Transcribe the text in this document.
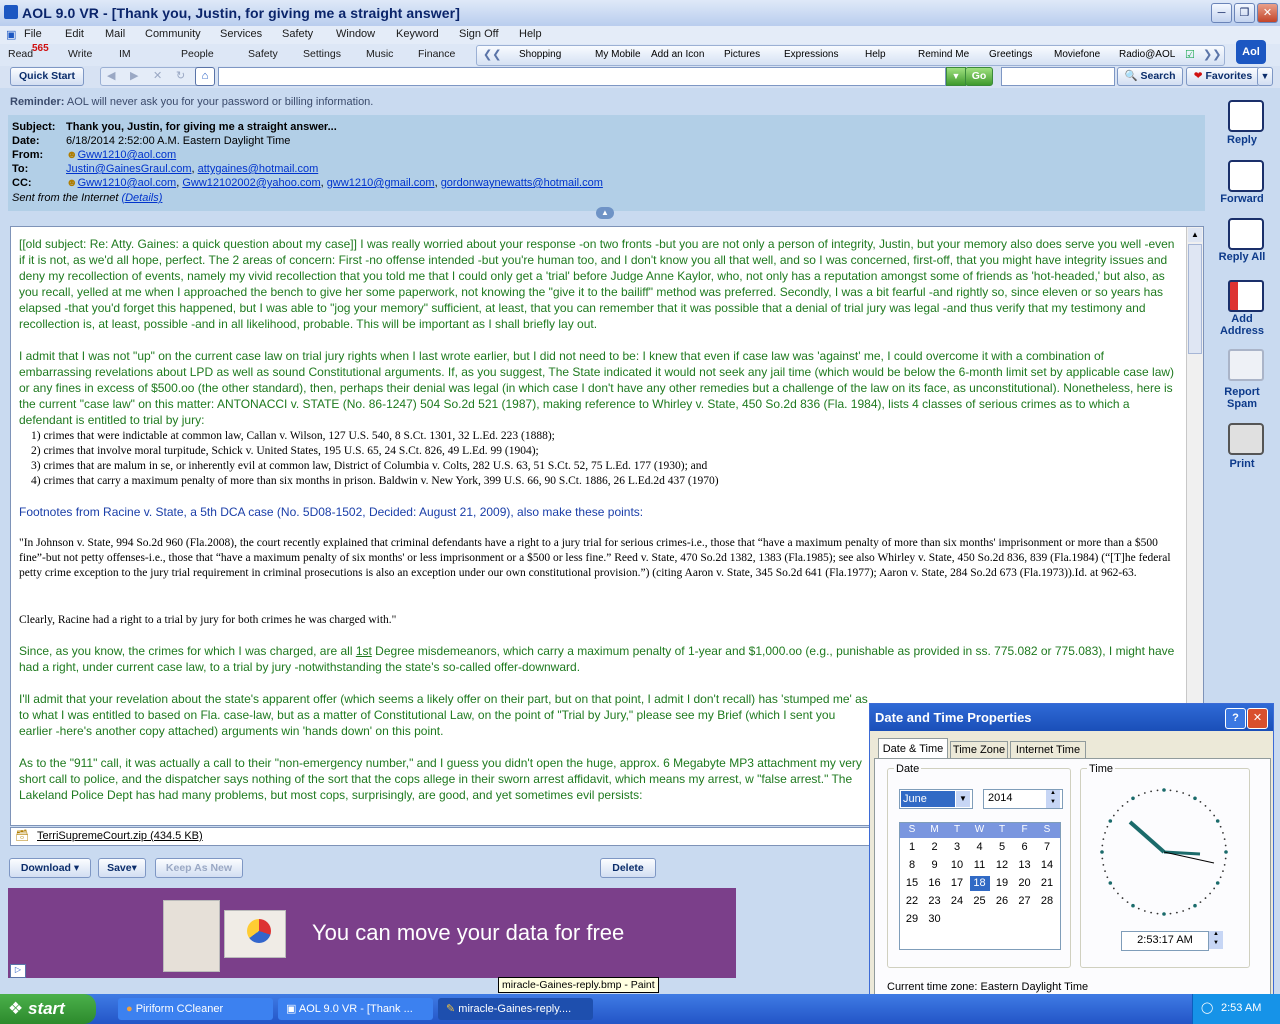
AOL 9.0 VR - [Thank you, Justin, for giving me a straight answer]	─	❐	✕
▣ File Edit Mail Community Services Safety Window Keyword Sign Off Help
Read
565 Write	IM	People	Safety Settings Music Finance	❮❮ Shopping	My Mobile Add an Icon Pictures Expressions	Help	Remind Me Greetings Moviefone Radio@AOL ☑ ❯❯	Aol
Quick Start	◀ ▶ ✕ ↻	⌂	▼	Go	🔍 Search	❤ Favorites ▼
Reminder: AOL will never ask you for your password or billing information.
Subject: Thank you, Justin, for giving me a straight answer...
Date: 6/18/2014 2:52:00 A.M. Eastern Daylight Time
From: ☻Gww1210@aol.com
To:	Justin@GainesGraul.com, attygaines@hotmail.com
CC:	☻Gww1210@aol.com, Gww12102002@yahoo.com, gww1210@gmail.com, gordonwaynewatts@hotmail.com
Sent from the Internet (Details)
▲
[[old subject: Re: Atty. Gaines: a quick question about my case]] I was really worried about your response -on two fronts -but you are not only a person of integrity, Justin, but your memory also does serve you well -even if it is not, as we'd all hope, perfect. The 2 areas of concern: First -no offense intended -but you're human too, and I don't know you all that well, and so I was concerned, first-off, that you might have integrity issues and deny my recollection of events, namely my vivid recollection that you told me that I could only get a 'trial' before Judge Anne Kaylor, who, not only has a reputation amongst some of friends as 'hot-headed,' but also, as you recall, yelled at me when I approached the bench to give her some paperwork, not knowing the "give it to the bailiff" method was preferred. Secondly, I was a bit fearful -and rightly so, since eleven or so years has elapsed -that you'd forget this happened, but I was able to "jog your memory" sufficient, at least, that you can remember that it was possible that a denial of trial jury was legal -and thus verify that my testimony and recollection is, at least, possible -and in all likelihood, probable. This will be important as I shall briefly lay out.
I admit that I was not "up" on the current case law on trial jury rights when I last wrote earlier, but I did not need to be: I knew that even if case law was 'against' me, I could overcome it with a combination of embarrassing revelations about LPD as well as sound Constitutional arguments. If, as you suggest, The State indicated it would not seek any jail time (which would be below the 6-month limit set by applicable case law) or any fines in excess of $500.oo (the other standard), then, perhaps their denial was legal (in which case I don't have any other remedies but a challenge of the law on its face, as unconstitutional). Nonetheless, here is the current "case law" on this matter: ANTONACCI v. STATE (No. 86-1247) 504 So.2d 521 (1987), making reference to Whirley v. State, 450 So.2d 836 (Fla. 1984), lists 4 classes of serious crimes as to which a defendant is entitled to trial by jury:
1) crimes that were indictable at common law, Callan v. Wilson, 127 U.S. 540, 8 S.Ct. 1301, 32 L.Ed. 223 (1888);
2) crimes that involve moral turpitude, Schick v. United States, 195 U.S. 65, 24 S.Ct. 826, 49 L.Ed. 99 (1904);
3) crimes that are malum in se, or inherently evil at common law, District of Columbia v. Colts, 282 U.S. 63, 51 S.Ct. 52, 75 L.Ed. 177 (1930); and
4) crimes that carry a maximum penalty of more than six months in prison. Baldwin v. New York, 399 U.S. 66, 90 S.Ct. 1886, 26 L.Ed.2d 437 (1970)
Footnotes from Racine v. State, a 5th DCA case (No. 5D08-1502, Decided: August 21, 2009), also make these points:
"In Johnson v. State, 994 So.2d 960 (Fla.2008), the court recently explained that criminal defendants have a right to a jury trial for serious crimes-i.e., those that “have a maximum penalty of more than six months' imprisonment or more than a $500 fine”-but not petty offenses-i.e., those that “have a maximum penalty of six months' or less imprisonment or a $500 or less fine.” Reed v. State, 470 So.2d 1382, 1383 (Fla.1985); see also Whirley v. State, 450 So.2d 836, 839 (Fla.1984) (“[T]he federal petty crime exception to the jury trial requirement in criminal prosecutions is also an exception under our own constitutional provision.”) (citing Aaron v. State, 345 So.2d 641 (Fla.1977); Aaron v. State, 284 So.2d 673 (Fla.1973)).Id. at 962-63.
Clearly, Racine had a right to a trial by jury for both crimes he was charged with."
Since, as you know, the crimes for which I was charged, are all 1st Degree misdemeanors, which carry a maximum penalty of 1-year and $1,000.oo (e.g., punishable as provided in ss. 775.082 or 775.083), I might have had a right, under current case law, to a trial by jury -notwithstanding the state's so-called offer-downward.
I'll admit that your revelation about the state's apparent offer (which seems a likely offer on their part, but on that point, I admit I don't recall) has 'stumped me' as to what I was entitled to based on Fla. case-law, but as a matter of Constitutional Law, on the point of "Trial by Jury," please see my Brief (which I sent you earlier -here's another copy attached) arguments win 'hands down' on this point.
As to the "911" call, it was actually a call to their "non-emergency number," and I guess you didn't open the huge, approx. 6 Megabyte MP3 attachment my very short call to police, and the dispatcher says nothing of the sort that the cops allege in their sworn arrest affidavit, which means my arrest, w "false arrest." The Lakeland Police Dept has had many problems, but most cops, surprisingly, are good, and yet sometimes evil persists:
▲
🗃 TerriSupremeCourt.zip (434.5 KB)
Download ▾	Save▾	Keep As New	Delete
You can move your data for free
▷
Reply
Forward
Reply All
Add Address
Report Spam
Print
Date and Time Properties	?	✕
Date & Time Time Zone Internet Time
Date
June	▼ 2014	▲
▼
S	M	T	W	T	F	S
1	2	3	4	5	6	7
8	9	10 11 12 13 14
15 16 17 18 19 20 21
22 23 24 25 26 27 28
29 30
Time
2:53:17 AM	▲
▼
Current time zone: Eastern Daylight Time
miracle-Gaines-reply.bmp - Paint
❖ start	● Piriform CCleaner	▣ AOL 9.0 VR - [Thank ...	✎ miracle-Gaines-reply....	◯ 2:53 AM
